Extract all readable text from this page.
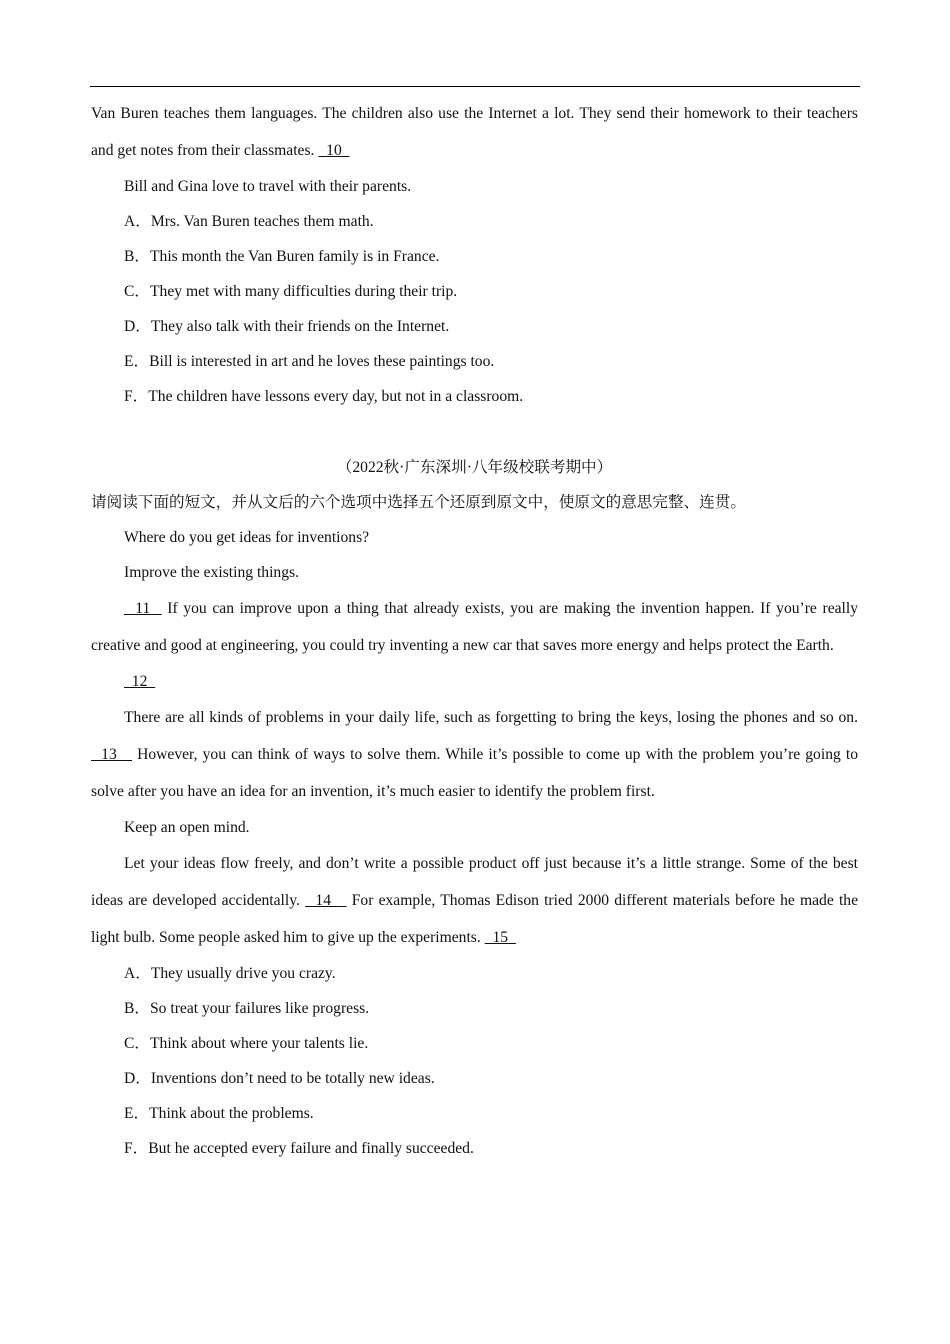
Van Buren teaches them languages. The children also use the Internet a lot. They send their homework to their teachers and get notes from their classmates.   10

Bill and Gina love to travel with their parents.

A．Mrs. Van Buren teaches them math.

B．This month the Van Buren family is in France.

C．They met with many difficulties during their trip.

D．They also talk with their friends on the Internet.

E．Bill is interested in art and he loves these paintings too.

F．The children have lessons every day, but not in a classroom.

（2022秋·广东深圳·八年级校联考期中）

请阅读下面的短文，并从文后的六个选项中选择五个还原到原文中，使原文的意思完整、连贯。

Where do you get ideas for inventions?

Improve the existing things.

11   If you can improve upon a thing that already exists, you are making the invention happen. If you’re really creative and good at engineering, you could try inventing a new car that saves more energy and helps protect the Earth.

12

There are all kinds of problems in your daily life, such as forgetting to bring the keys, losing the phones and so on.   13    However, you can think of ways to solve them. While it’s possible to come up with the problem you’re going to solve after you have an idea for an invention, it’s much easier to identify the problem first.

Keep an open mind.

Let your ideas flow freely, and don’t write a possible product off just because it’s a little strange. Some of the best ideas are developed accidentally.   14    For example, Thomas Edison tried 2000 different materials before he made the light bulb. Some people asked him to give up the experiments.   15

A．They usually drive you crazy.

B．So treat your failures like progress.

C．Think about where your talents lie.

D．Inventions don’t need to be totally new ideas.

E．Think about the problems.

F．But he accepted every failure and finally succeeded.
